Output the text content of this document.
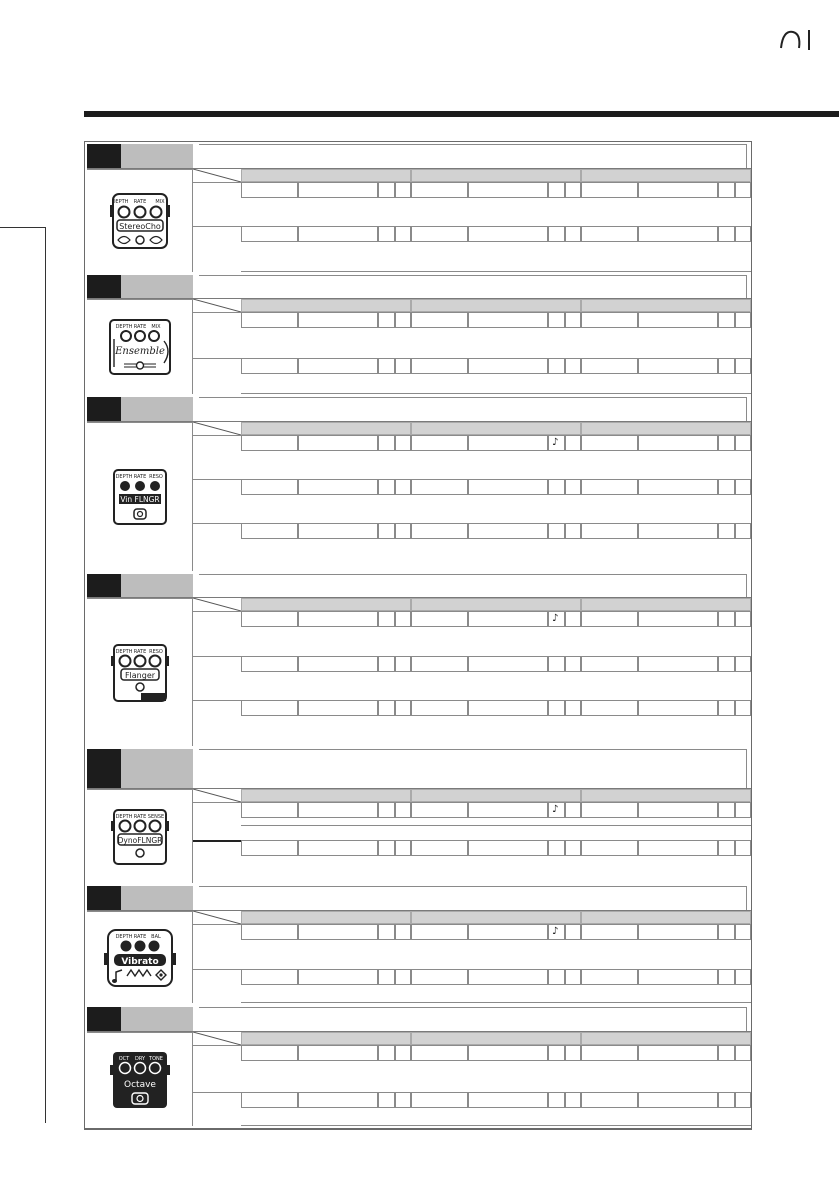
DEPTH RATE MIX
StereoCho
DEPTH RATE MIX
Ensemble
DEPTH RATE RESO
Vin FLNGR
♪
DEPTH RATE RESO
Flanger
♪
DEPTH RATE SENSE
DynoFLNGR
♪
DEPTH RATE BAL
Vibrato
♪
OCT DRY TONE
Octave
